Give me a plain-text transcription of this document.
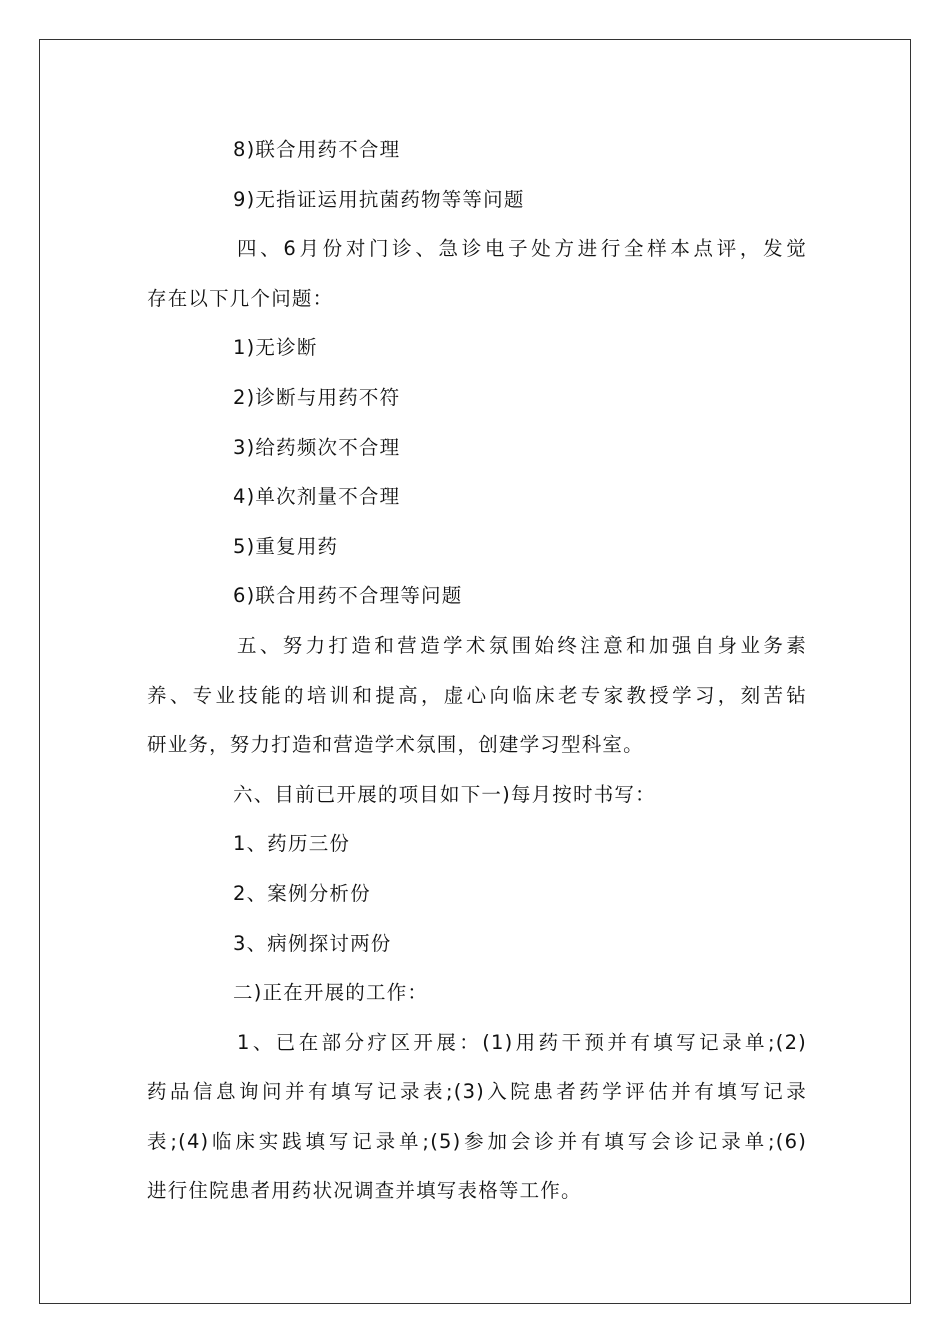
8)联合用药不合理

9)无指证运用抗菌药物等等问题

四、6月份对门诊、急诊电子处方进行全样本点评，发觉

存在以下几个问题：

1)无诊断

2)诊断与用药不符

3)给药频次不合理

4)单次剂量不合理

5)重复用药

6)联合用药不合理等问题

五、努力打造和营造学术氛围始终注意和加强自身业务素

养、专业技能的培训和提高，虚心向临床老专家教授学习，刻苦钻

研业务，努力打造和营造学术氛围，创建学习型科室。

六、目前已开展的项目如下一)每月按时书写：

1、药历三份

2、案例分析份

3、病例探讨两份

二)正在开展的工作：

1、已在部分疗区开展：(1)用药干预并有填写记录单;(2)

药品信息询问并有填写记录表;(3)入院患者药学评估并有填写记录

表;(4)临床实践填写记录单;(5)参加会诊并有填写会诊记录单;(6)

进行住院患者用药状况调查并填写表格等工作。
